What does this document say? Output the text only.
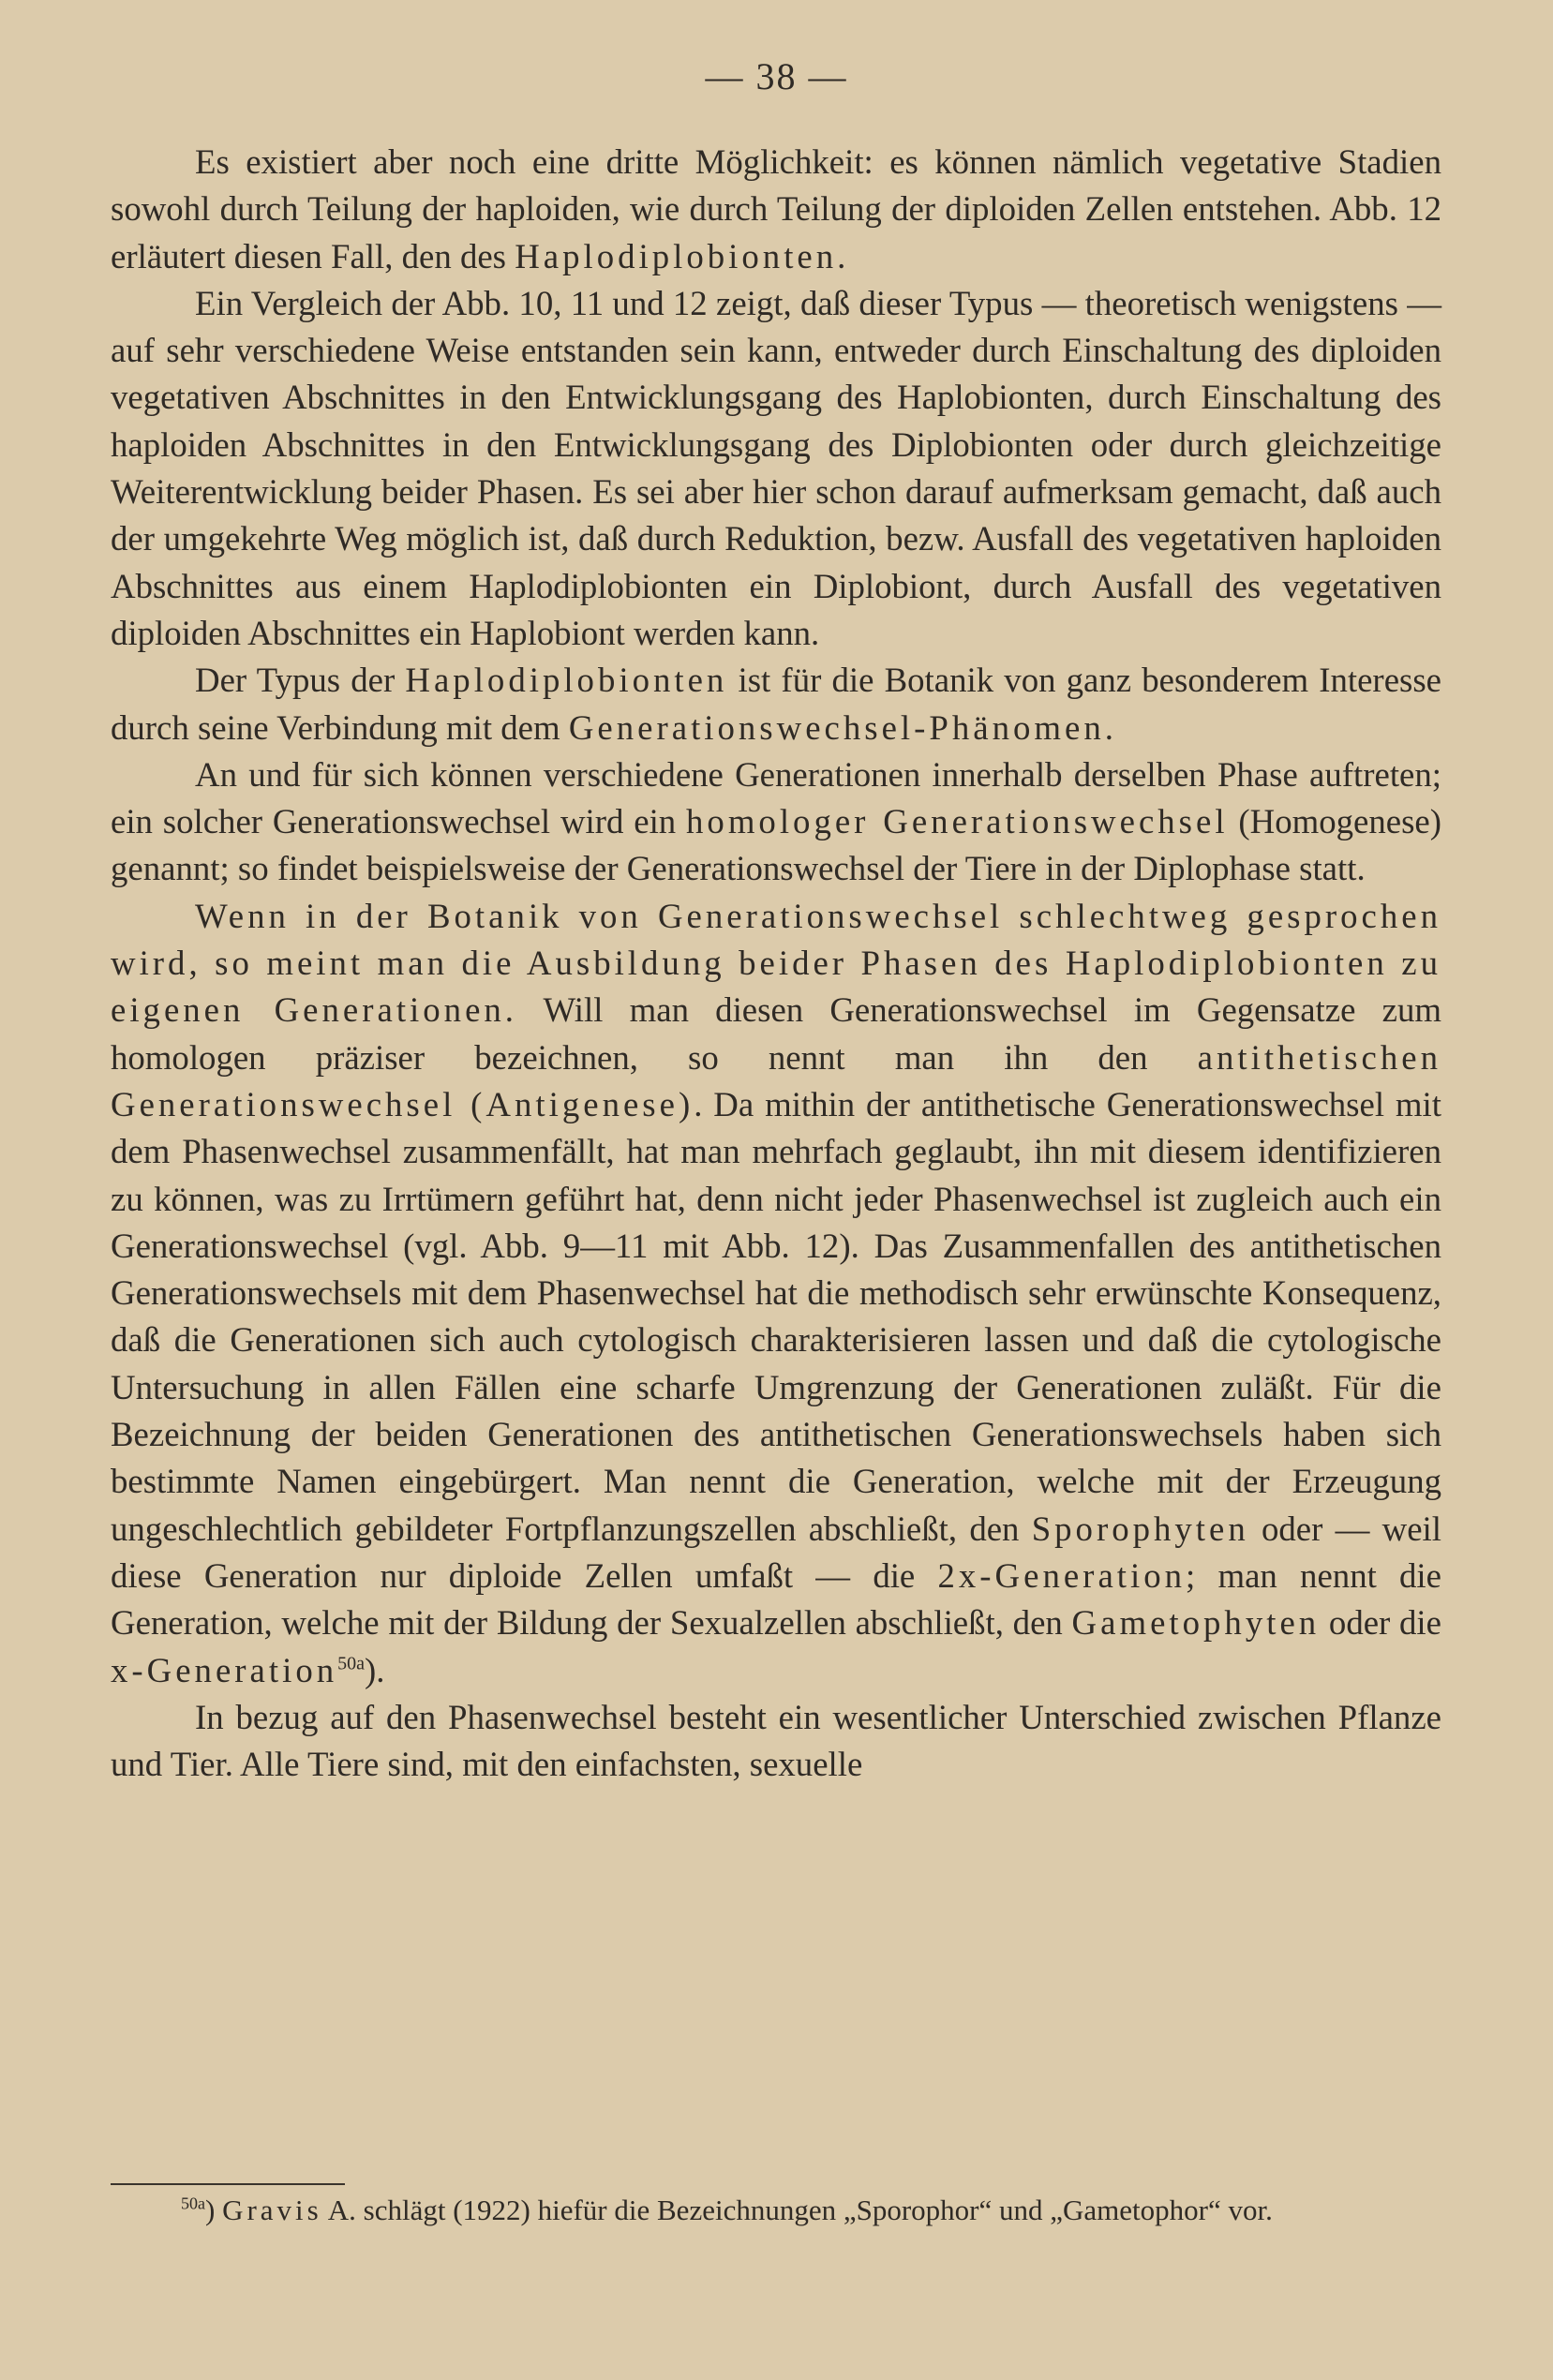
— 38 —

Es existiert aber noch eine dritte Möglichkeit: es können nämlich vegetative Stadien sowohl durch Teilung der haploiden, wie durch Teilung der diploiden Zellen entstehen. Abb. 12 erläutert diesen Fall, den des Haplodiplobionten.

Ein Vergleich der Abb. 10, 11 und 12 zeigt, daß dieser Typus — theoretisch wenigstens — auf sehr verschiedene Weise entstanden sein kann, entweder durch Einschaltung des diploiden vegetativen Abschnittes in den Entwicklungsgang des Haplobionten, durch Einschaltung des haploiden Abschnittes in den Entwicklungsgang des Diplobionten oder durch gleichzeitige Weiterentwicklung beider Phasen. Es sei aber hier schon darauf aufmerksam gemacht, daß auch der umgekehrte Weg möglich ist, daß durch Reduktion, bezw. Ausfall des vegetativen haploiden Abschnittes aus einem Haplodiplobionten ein Diplobiont, durch Ausfall des vegetativen diploiden Abschnittes ein Haplobiont werden kann.

Der Typus der Haplodiplobionten ist für die Botanik von ganz besonderem Interesse durch seine Verbindung mit dem Generationswechsel-Phänomen.

An und für sich können verschiedene Generationen innerhalb derselben Phase auftreten; ein solcher Generationswechsel wird ein homologer Generationswechsel (Homogenese) genannt; so findet beispielsweise der Generationswechsel der Tiere in der Diplophase statt.

Wenn in der Botanik von Generationswechsel schlechtweg gesprochen wird, so meint man die Ausbildung beider Phasen des Haplodiplobionten zu eigenen Generationen. Will man diesen Generationswechsel im Gegensatze zum homologen präziser bezeichnen, so nennt man ihn den antithetischen Generationswechsel (Antigenese). Da mithin der antithetische Generationswechsel mit dem Phasenwechsel zusammenfällt, hat man mehrfach geglaubt, ihn mit diesem identifizieren zu können, was zu Irrtümern geführt hat, denn nicht jeder Phasenwechsel ist zugleich auch ein Generationswechsel (vgl. Abb. 9—11 mit Abb. 12). Das Zusammenfallen des antithetischen Generationswechsels mit dem Phasenwechsel hat die methodisch sehr erwünschte Konsequenz, daß die Generationen sich auch cytologisch charakterisieren lassen und daß die cytologische Untersuchung in allen Fällen eine scharfe Umgrenzung der Generationen zuläßt. Für die Bezeichnung der beiden Generationen des antithetischen Generationswechsels haben sich bestimmte Namen eingebürgert. Man nennt die Generation, welche mit der Erzeugung ungeschlechtlich gebildeter Fortpflanzungszellen abschließt, den Sporophyten oder — weil diese Generation nur diploide Zellen umfaßt — die 2x-Generation; man nennt die Generation, welche mit der Bildung der Sexualzellen abschließt, den Gametophyten oder die x-Generation$^{50a}$).

In bezug auf den Phasenwechsel besteht ein wesentlicher Unterschied zwischen Pflanze und Tier. Alle Tiere sind, mit den einfachsten, sexuelle

$^{50a}$) Gravis A. schlägt (1922) hiefür die Bezeichnungen „Sporophor“ und „Gametophor“ vor.
